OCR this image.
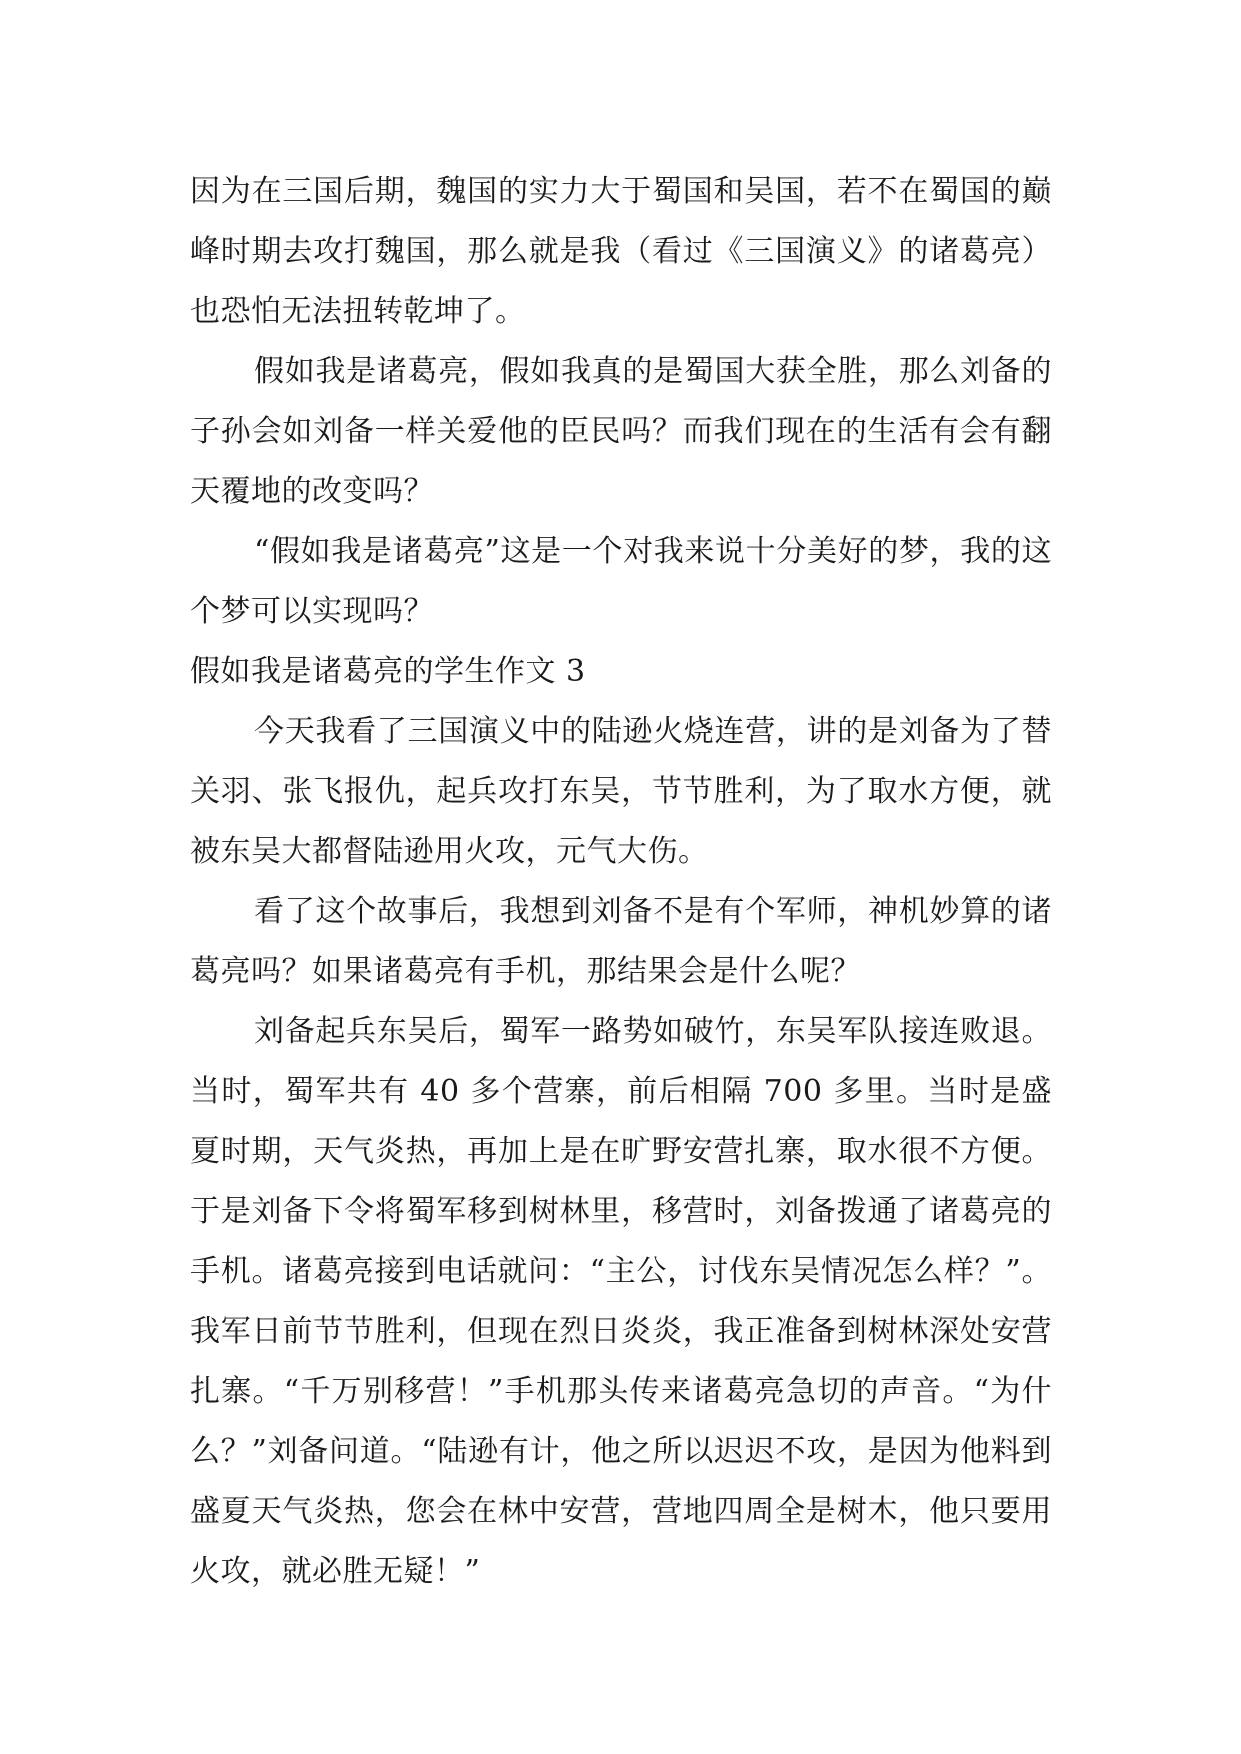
因为在三国后期，魏国的实力大于蜀国和吴国，若不在蜀国的巅峰时期去攻打魏国，那么就是我（看过《三国演义》的诸葛亮）也恐怕无法扭转乾坤了。

假如我是诸葛亮，假如我真的是蜀国大获全胜，那么刘备的子孙会如刘备一样关爱他的臣民吗？而我们现在的生活有会有翻天覆地的改变吗？

“假如我是诸葛亮”这是一个对我来说十分美好的梦，我的这个梦可以实现吗？

假如我是诸葛亮的学生作文 3

今天我看了三国演义中的陆逊火烧连营，讲的是刘备为了替关羽、张飞报仇，起兵攻打东吴，节节胜利，为了取水方便，就被东吴大都督陆逊用火攻，元气大伤。

看了这个故事后，我想到刘备不是有个军师，神机妙算的诸葛亮吗？如果诸葛亮有手机，那结果会是什么呢？

刘备起兵东吴后，蜀军一路势如破竹，东吴军队接连败退。当时，蜀军共有 40 多个营寨，前后相隔 700 多里。当时是盛夏时期，天气炎热，再加上是在旷野安营扎寨，取水很不方便。于是刘备下令将蜀军移到树林里，移营时，刘备拨通了诸葛亮的手机。诸葛亮接到电话就问：“主公，讨伐东吴情况怎么样？”。我军日前节节胜利，但现在烈日炎炎，我正准备到树林深处安营扎寨。“千万别移营！”手机那头传来诸葛亮急切的声音。“为什么？”刘备问道。“陆逊有计，他之所以迟迟不攻，是因为他料到盛夏天气炎热，您会在林中安营，营地四周全是树木，他只要用火攻，就必胜无疑！”
